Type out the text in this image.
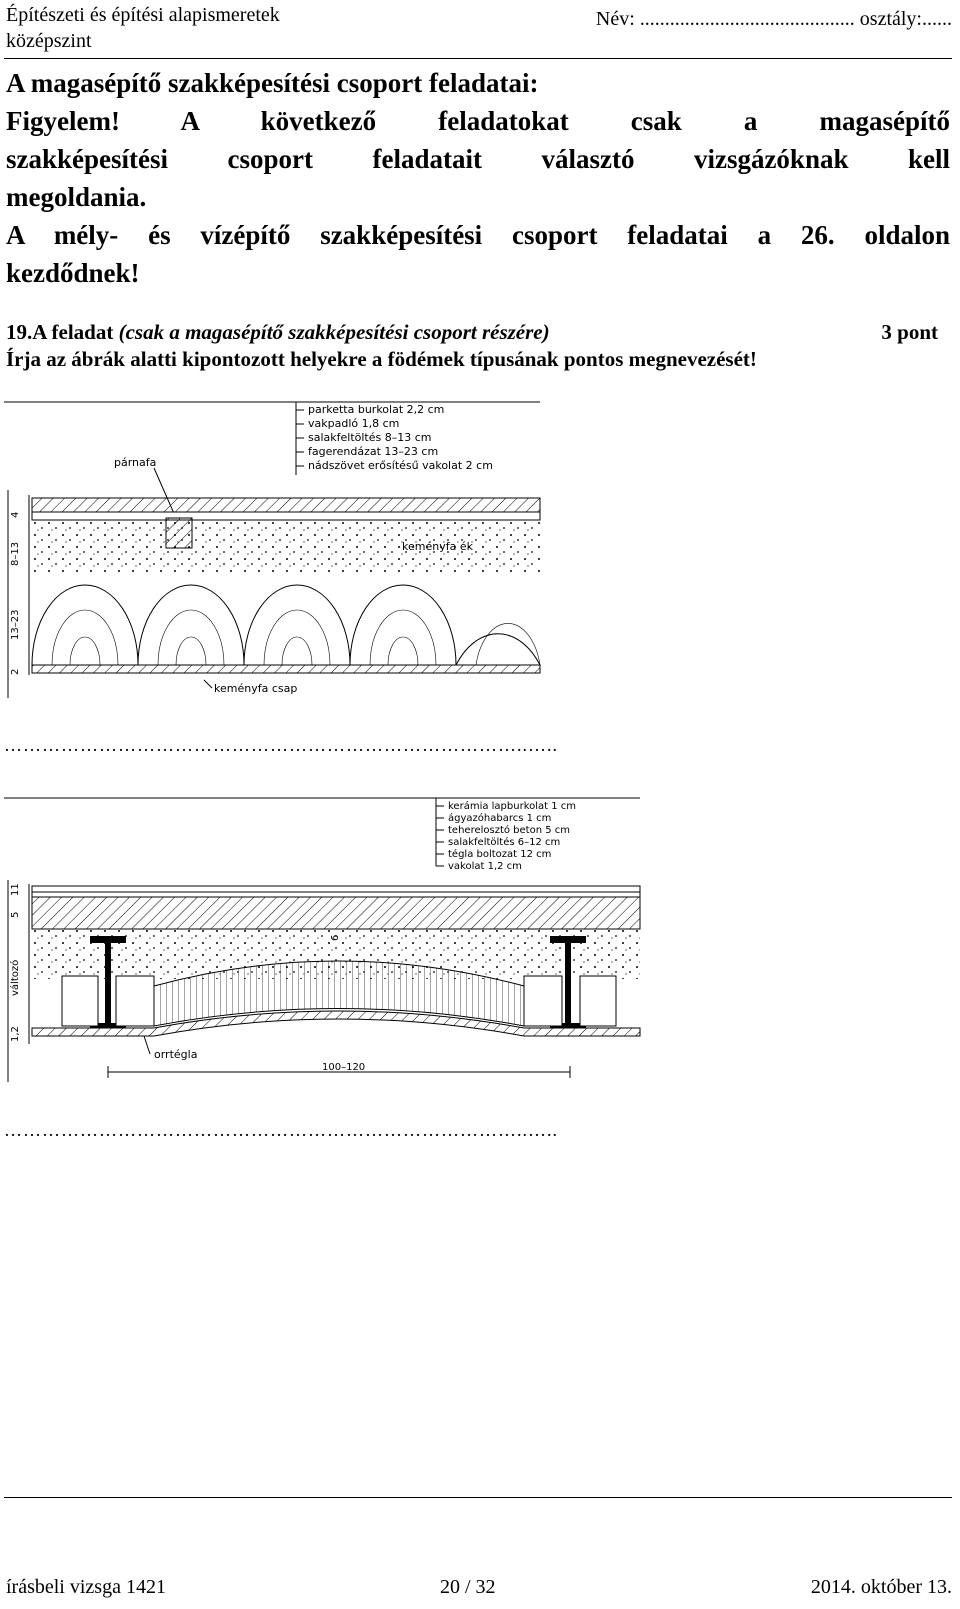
Építészeti és építési alapismeretek
középszint
Név: ........................................... osztály:......
A magasépítő szakképesítési csoport feladatai:
Figyelem! A következő feladatokat csak a magasépítő
szakképesítési csoport feladatait választó vizsgázóknak kell
megoldania.
A mély- és vízépítő szakképesítési csoport feladatai a 26. oldalon
kezdődnek!
19.A feladat (csak a magasépítő szakképesítési csoport részére)	3 pont
Írja az ábrák alatti kipontozott helyekre a födémek típusának pontos megnevezését!
parketta burkolat 2,2 cm
vakpadló 1,8 cm
salakfeltöltés 8–13 cm
fagerendázat 13–23 cm
nádszövet erősítésű vakolat 2 cm
párnafa
keményfa ék
keményfa csap
4
8–13
13–23
2
………………………………………………………………………..…..
kerámia lapburkolat 1 cm
ágyazóhabarcs 1 cm
teherelosztó beton 5 cm
salakfeltöltés 6–12 cm
tégla boltozat 12 cm
vakolat 1,2 cm
6
orrtégla
100–120
11
5
változó
1,2
………………………………………………………………………..…..
írásbeli vizsga 1421	20 / 32	2014. október 13.
